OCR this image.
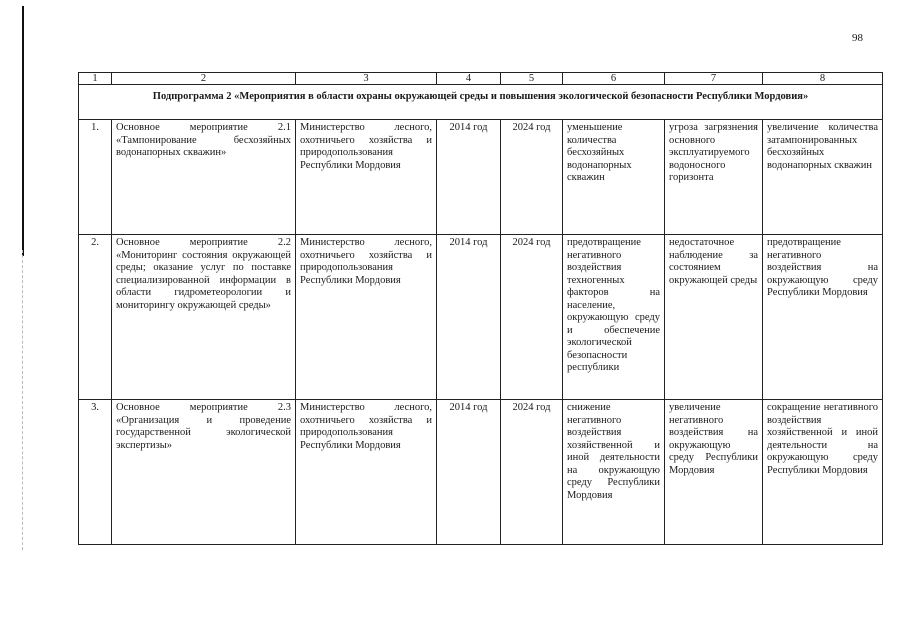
98
1	2	3	4	5	6	7	8
Подпрограмма 2 «Мероприятия в области охраны окружающей среды и повышения экологической безопасности Республики Мордовия»							
1.	Основное мероприятие 2.1 «Тампонирование бесхозяйных водонапорных скважин»	Министерство лесного, охотничьего хозяйства и природопользования Республики Мордовия	2014 год	2024 год	уменьшение количества бесхозяйных водонапорных скважин	угроза загрязнения основного эксплуатируемого водоносного горизонта	увеличение количества затампонированных бесхозяйных водонапорных скважин
2.	Основное мероприятие 2.2 «Мониторинг состояния окружающей среды; оказание услуг по поставке специализированной информации в области гидрометеорологии и мониторингу окружающей среды»	Министерство лесного, охотничьего хозяйства и природопользования Республики Мордовия	2014 год	2024 год	предотвращение негативного воздействия техногенных факторов на население, окружающую среду и обеспечение экологической безопасности республики	недостаточное наблюдение за состоянием окружающей среды	предотвращение негативного воздействия на окружающую среду Республики Мордовия
3.	Основное мероприятие 2.3 «Организация и проведение государственной экологической экспертизы»	Министерство лесного, охотничьего хозяйства и природопользования Республики Мордовия	2014 год	2024 год	снижение негативного воздействия хозяйственной и иной деятельности на окружающую среду Республики Мордовия	увеличение негативного воздействия на окружающую среду Республики Мордовия	сокращение негативного воздействия хозяйственной и иной деятельности на окружающую среду Республики Мордовия
